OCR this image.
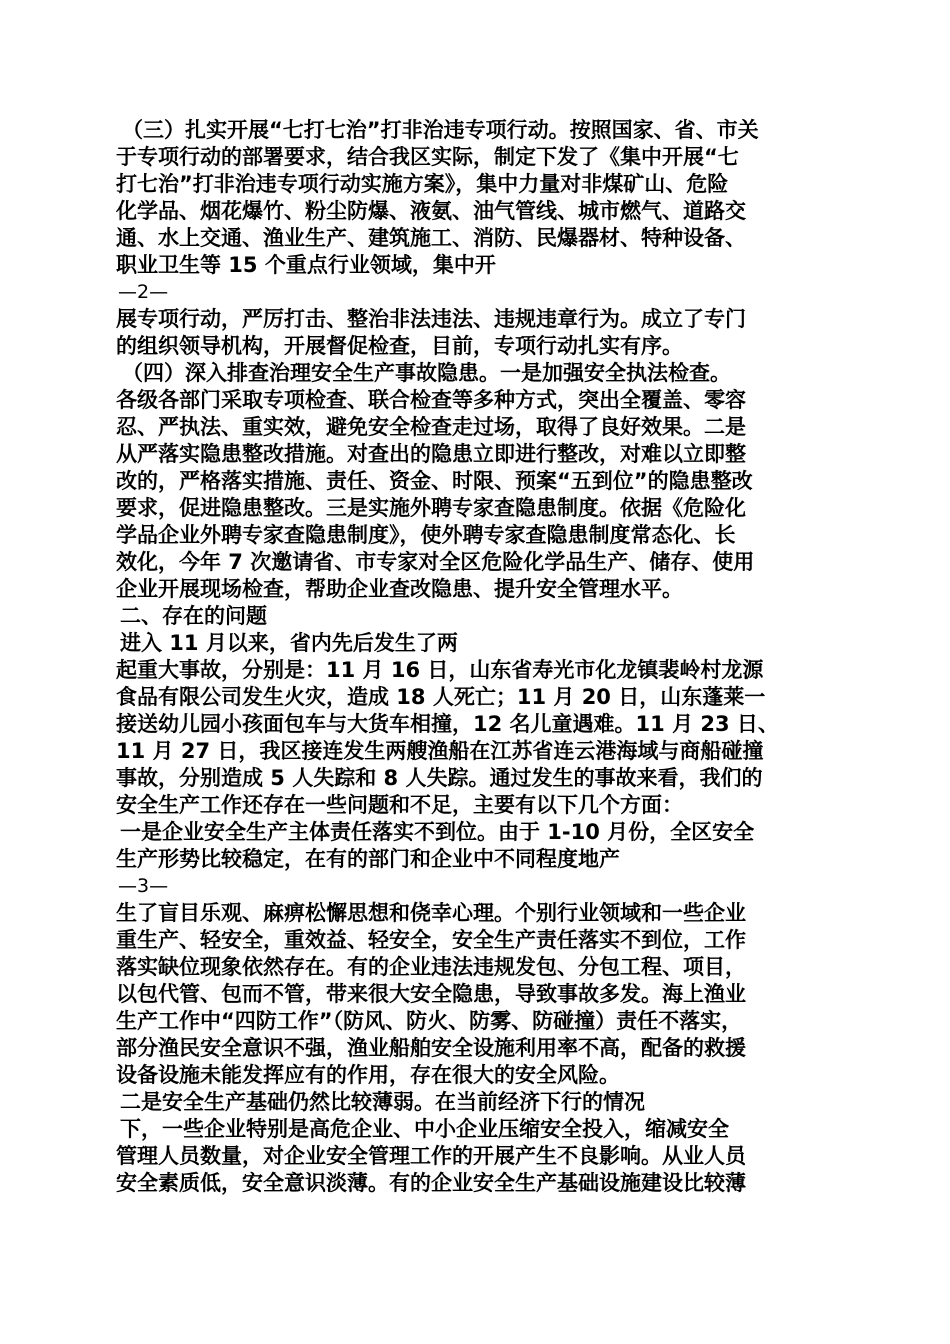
（三）扎实开展“七打七治”打非治违专项行动。按照国家、省、市关
于专项行动的部署要求，结合我区实际，制定下发了《集中开展“七
打七治”打非治违专项行动实施方案》，集中力量对非煤矿山、危险
化学品、烟花爆竹、粉尘防爆、液氨、油气管线、城市燃气、道路交
通、水上交通、渔业生产、建筑施工、消防、民爆器材、特种设备、
职业卫生等 15 个重点行业领域，集中开
—2—
展专项行动，严厉打击、整治非法违法、违规违章行为。成立了专门
的组织领导机构，开展督促检查，目前，专项行动扎实有序。
（四）深入排查治理安全生产事故隐患。一是加强安全执法检查。
各级各部门采取专项检查、联合检查等多种方式，突出全覆盖、零容
忍、严执法、重实效，避免安全检查走过场，取得了良好效果。二是
从严落实隐患整改措施。对查出的隐患立即进行整改，对难以立即整
改的，严格落实措施、责任、资金、时限、预案“五到位”的隐患整改
要求，促进隐患整改。三是实施外聘专家查隐患制度。依据《危险化
学品企业外聘专家查隐患制度》，使外聘专家查隐患制度常态化、长
效化，今年 7 次邀请省、市专家对全区危险化学品生产、储存、使用
企业开展现场检查，帮助企业查改隐患、提升安全管理水平。
二、存在的问题
进入 11 月以来，省内先后发生了两
起重大事故，分别是：11 月 16 日，山东省寿光市化龙镇裴岭村龙源
食品有限公司发生火灾，造成 18 人死亡；11 月 20 日，山东蓬莱一
接送幼儿园小孩面包车与大货车相撞，12 名儿童遇难。11 月 23 日、
11 月 27 日，我区接连发生两艘渔船在江苏省连云港海域与商船碰撞
事故，分别造成 5 人失踪和 8 人失踪。通过发生的事故来看，我们的
安全生产工作还存在一些问题和不足，主要有以下几个方面：
一是企业安全生产主体责任落实不到位。由于 1-10 月份，全区安全
生产形势比较稳定，在有的部门和企业中不同程度地产
—3—
生了盲目乐观、麻痹松懈思想和侥幸心理。个别行业领域和一些企业
重生产、轻安全，重效益、轻安全，安全生产责任落实不到位，工作
落实缺位现象依然存在。有的企业违法违规发包、分包工程、项目，
以包代管、包而不管，带来很大安全隐患，导致事故多发。海上渔业
生产工作中“四防工作”（防风、防火、防雾、防碰撞）责任不落实，
部分渔民安全意识不强，渔业船舶安全设施利用率不高，配备的救援
设备设施未能发挥应有的作用，存在很大的安全风险。
二是安全生产基础仍然比较薄弱。在当前经济下行的情况
下，一些企业特别是高危企业、中小企业压缩安全投入，缩减安全
管理人员数量，对企业安全管理工作的开展产生不良影响。从业人员
安全素质低，安全意识淡薄。有的企业安全生产基础设施建设比较薄
